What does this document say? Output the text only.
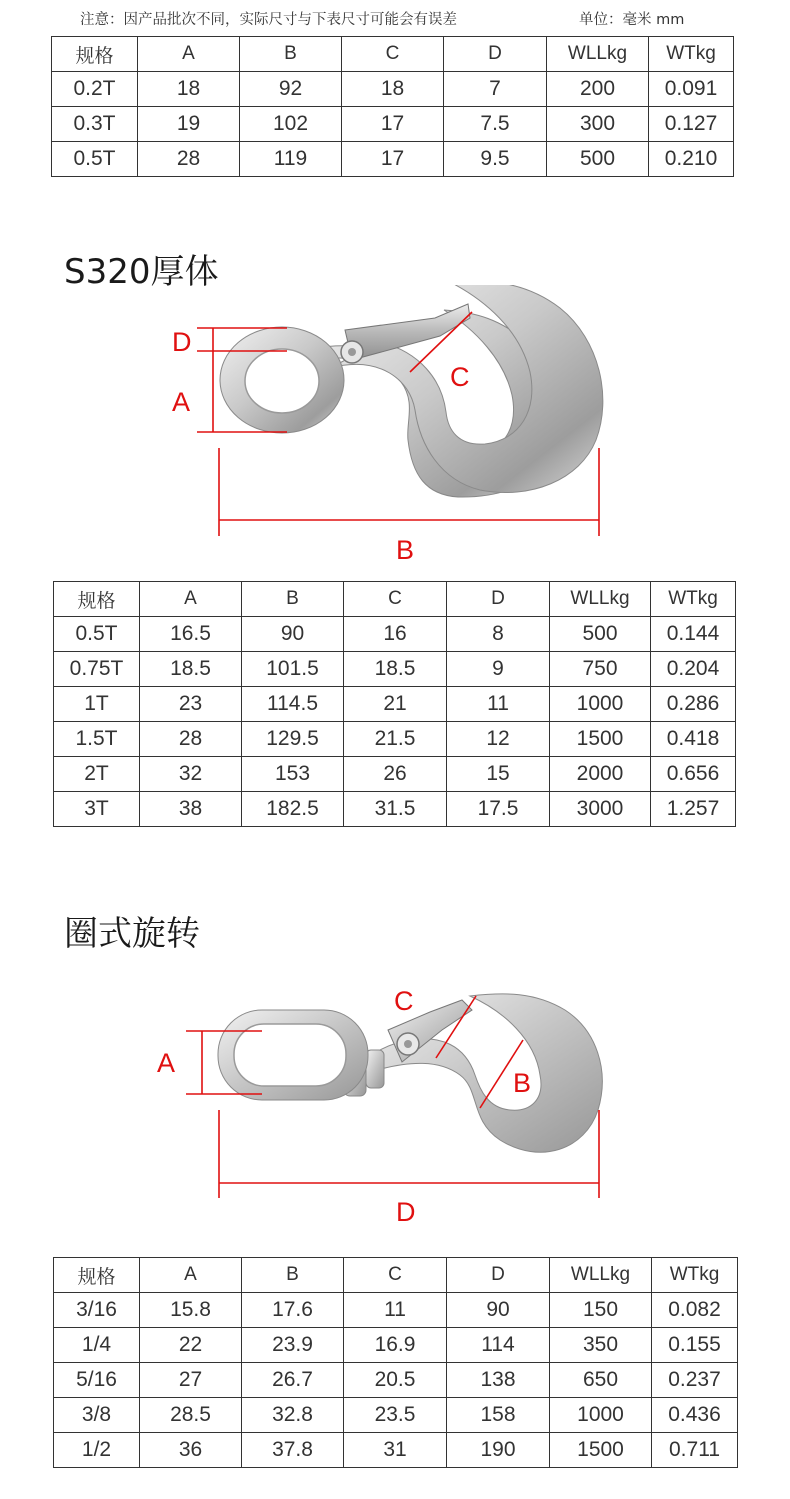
注意：因产品批次不同，实际尺寸与下表尺寸可能会有误差	单位：毫米 mm
规格	A	B	C	D	WLLkg	WTkg
0.2T	18	92	18	7	200	0.091
0.3T	19	102	17	7.5	300	0.127
0.5T	28	119	17	9.5	500	0.210
S320厚体
D
A
C
B
规格	A	B	C	D	WLLkg	WTkg
0.5T	16.5	90	16	8	500	0.144
0.75T	18.5	101.5	18.5	9	750	0.204
1T	23	114.5	21	11	1000	0.286
1.5T	28	129.5	21.5	12	1500	0.418
2T	32	153	26	15	2000	0.656
3T	38	182.5	31.5	17.5	3000	1.257
圈式旋转
C
A
B
D
规格	A	B	C	D	WLLkg	WTkg
3/16	15.8	17.6	11	90	150	0.082
1/4	22	23.9	16.9	114	350	0.155
5/16	27	26.7	20.5	138	650	0.237
3/8	28.5	32.8	23.5	158	1000	0.436
1/2	36	37.8	31	190	1500	0.711
